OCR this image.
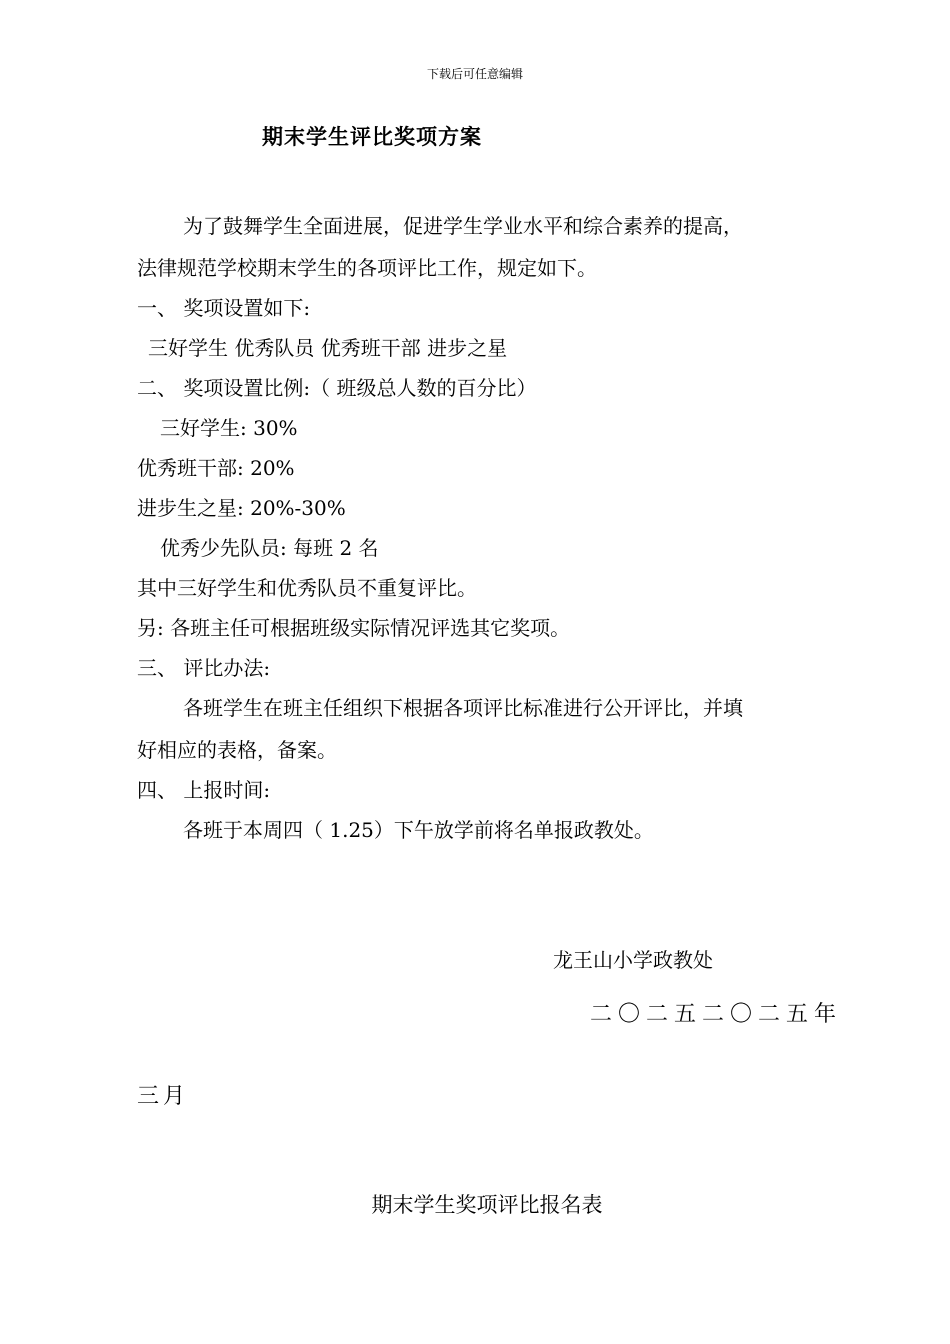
下载后可任意编辑
期末学生评比奖项方案
为了鼓舞学生全面进展，促进学生学业水平和综合素养的提高，
法律规范学校期末学生的各项评比工作，规定如下。
一、 奖项设置如下:
三好学生 优秀队员 优秀班干部 进步之星
二、 奖项设置比例:（ 班级总人数的百分比）
三好学生: 30%
优秀班干部: 20%
进步生之星: 20%-30%
优秀少先队员: 每班 2 名
其中三好学生和优秀队员不重复评比。
另: 各班主任可根据班级实际情况评选其它奖项。
三、 评比办法:
各班学生在班主任组织下根据各项评比标准进行公开评比，并填
好相应的表格，备案。
四、 上报时间:
各班于本周四（ 1.25）下午放学前将名单报政教处。
龙王山小学政教处
二〇二五二〇二五年
三月
期末学生奖项评比报名表
